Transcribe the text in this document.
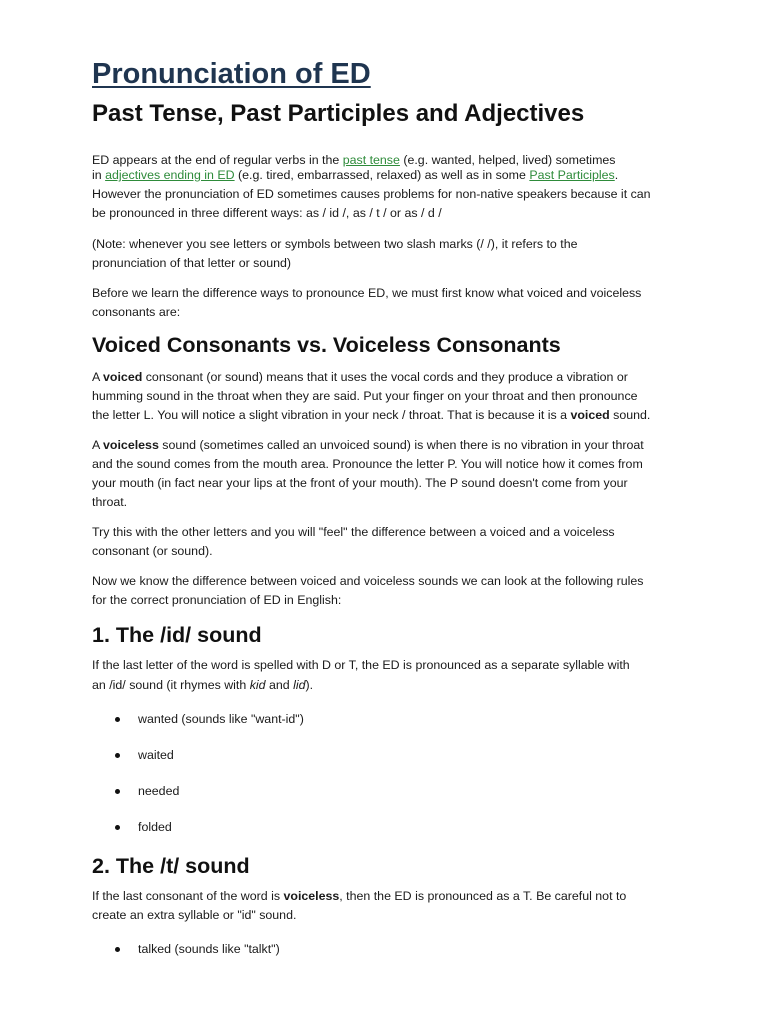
Pronunciation of ED
Past Tense, Past Participles and Adjectives

ED appears at the end of regular verbs in the past tense (e.g. wanted, helped, lived) sometimes

in adjectives ending in ED (e.g. tired, embarrassed, relaxed) as well as in some Past Participles.

However the pronunciation of ED sometimes causes problems for non-native speakers because it can

be pronounced in three different ways: as / id /, as / t / or as / d /

(Note: whenever you see letters or symbols between two slash marks (/ /), it refers to the

pronunciation of that letter or sound)

Before we learn the difference ways to pronounce ED, we must first know what voiced and voiceless

consonants are:

Voiced Consonants vs. Voiceless Consonants

A voiced consonant (or sound) means that it uses the vocal cords and they produce a vibration or

humming sound in the throat when they are said. Put your finger on your throat and then pronounce

the letter L. You will notice a slight vibration in your neck / throat. That is because it is a voiced sound.

A voiceless sound (sometimes called an unvoiced sound) is when there is no vibration in your throat

and the sound comes from the mouth area. Pronounce the letter P. You will notice how it comes from

your mouth (in fact near your lips at the front of your mouth). The P sound doesn't come from your

throat.

Try this with the other letters and you will "feel" the difference between a voiced and a voiceless

consonant (or sound).

Now we know the difference between voiced and voiceless sounds we can look at the following rules

for the correct pronunciation of ED in English:

1. The /id/ sound

If the last letter of the word is spelled with D or T, the ED is pronounced as a separate syllable with

an /id/ sound (it rhymes with kid and lid).

wanted (sounds like "want-id")

waited

needed

folded

2. The /t/ sound

If the last consonant of the word is voiceless, then the ED is pronounced as a T. Be careful not to

create an extra syllable or "id" sound.

talked (sounds like "talkt")
